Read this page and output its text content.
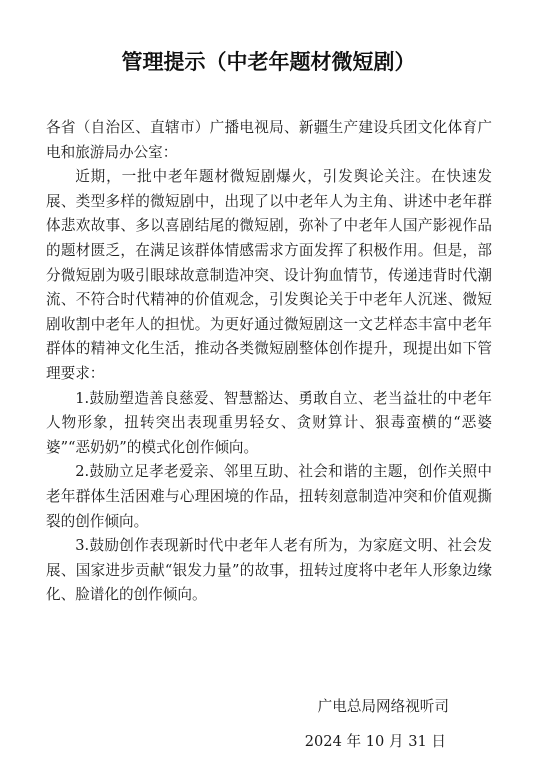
管理提示（中老年题材微短剧）

各省（自治区、直辖市）广播电视局、新疆生产建设兵团文化体育广电和旅游局办公室：

近期，一批中老年题材微短剧爆火，引发舆论关注。在快速发展、类型多样的微短剧中，出现了以中老年人为主角、讲述中老年群体悲欢故事、多以喜剧结尾的微短剧，弥补了中老年人国产影视作品的题材匮乏，在满足该群体情感需求方面发挥了积极作用。但是，部分微短剧为吸引眼球故意制造冲突、设计狗血情节，传递违背时代潮流、不符合时代精神的价值观念，引发舆论关于中老年人沉迷、微短剧收割中老年人的担忧。为更好通过微短剧这一文艺样态丰富中老年群体的精神文化生活，推动各类微短剧整体创作提升，现提出如下管理要求：

1.鼓励塑造善良慈爱、智慧豁达、勇敢自立、老当益壮的中老年人物形象，扭转突出表现重男轻女、贪财算计、狠毒蛮横的“恶婆婆”“恶奶奶”的模式化创作倾向。

2.鼓励立足孝老爱亲、邻里互助、社会和谐的主题，创作关照中老年群体生活困难与心理困境的作品，扭转刻意制造冲突和价值观撕裂的创作倾向。

3.鼓励创作表现新时代中老年人老有所为，为家庭文明、社会发展、国家进步贡献“银发力量”的故事，扭转过度将中老年人形象边缘化、脸谱化的创作倾向。

广电总局网络视听司
2024 年 10 月 31 日
